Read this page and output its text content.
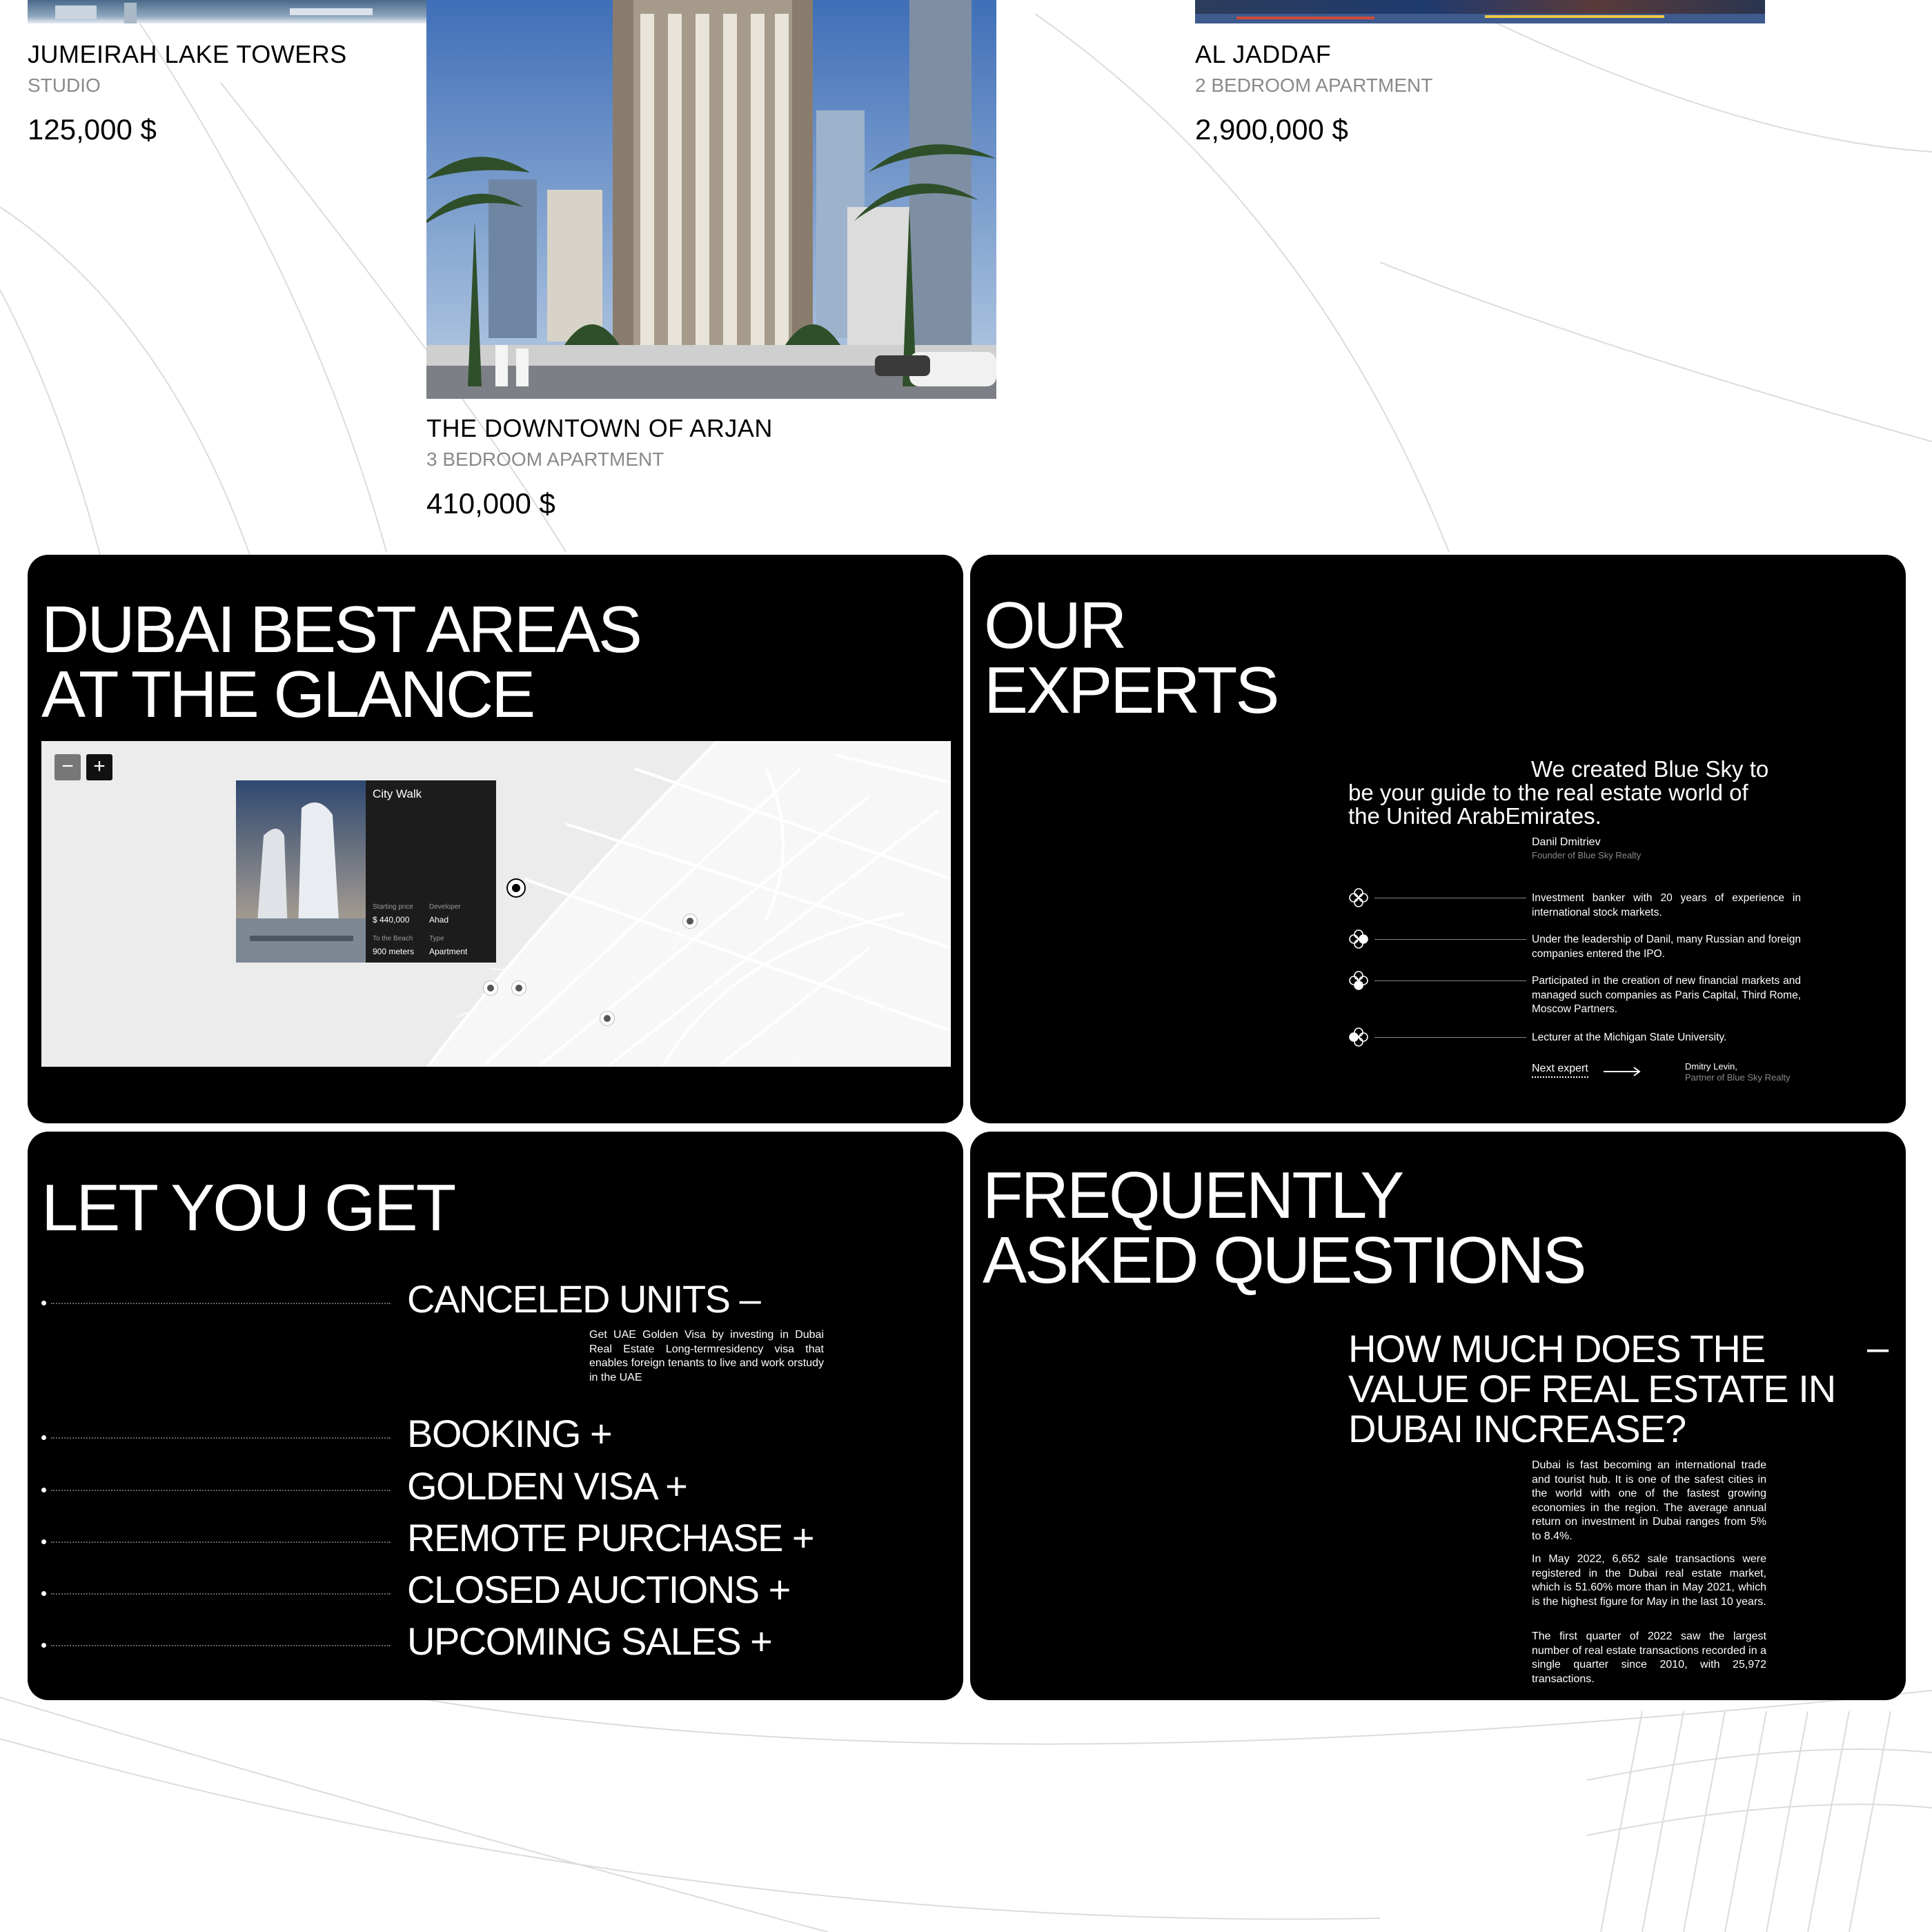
JUMEIRAH LAKE TOWERS
STUDIO
125,000 $
THE DOWNTOWN OF ARJAN
3 BEDROOM APARTMENT
410,000 $
AL JADDAF
2 BEDROOM APARTMENT
2,900,000 $
DUBAI BEST AREAS
AT THE GLANCE
− +
City Walk
Starting price
$ 440,000
Developer
Ahad
To the Beach
900 meters
Type
Apartment
OUR
EXPERTS
We created Blue Sky to
be your guide to the real estate world of
the United ArabEmirates.
Danil Dmitriev
Founder of Blue Sky Realty
Investment banker with 20 years of experience in international stock markets.
Under the leadership of Danil, many Russian and foreign companies entered the IPO.
Participated in the creation of new financial markets and managed such companies as Paris Capital, Third Rome, Moscow Partners.
Lecturer at the Michigan State University.
Next expert	Dmitry Levin,
Partner of Blue Sky Realty
LET YOU GET
CANCELED UNITS –
Get UAE Golden Visa by investing in Dubai Real Estate Long-termresidency visa that enables foreign tenants to live and work orstudy in the UAE
BOOKING +
GOLDEN VISA +
REMOTE PURCHASE +
CLOSED AUCTIONS +
UPCOMING SALES +
FREQUENTLY
ASKED QUESTIONS
HOW MUCH DOES THE VALUE OF REAL ESTATE IN DUBAI INCREASE?
–
Dubai is fast becoming an international trade and tourist hub. It is one of the safest cities in the world with one of the fastest growing economies in the region. The average annual return on investment in Dubai ranges from 5% to 8.4%.
In May 2022, 6,652 sale transactions were registered in the Dubai real estate market, which is 51.60% more than in May 2021, which is the highest figure for May in the last 10 years.
The first quarter of 2022 saw the largest number of real estate transactions recorded in a single quarter since 2010, with 25,972 transactions.
